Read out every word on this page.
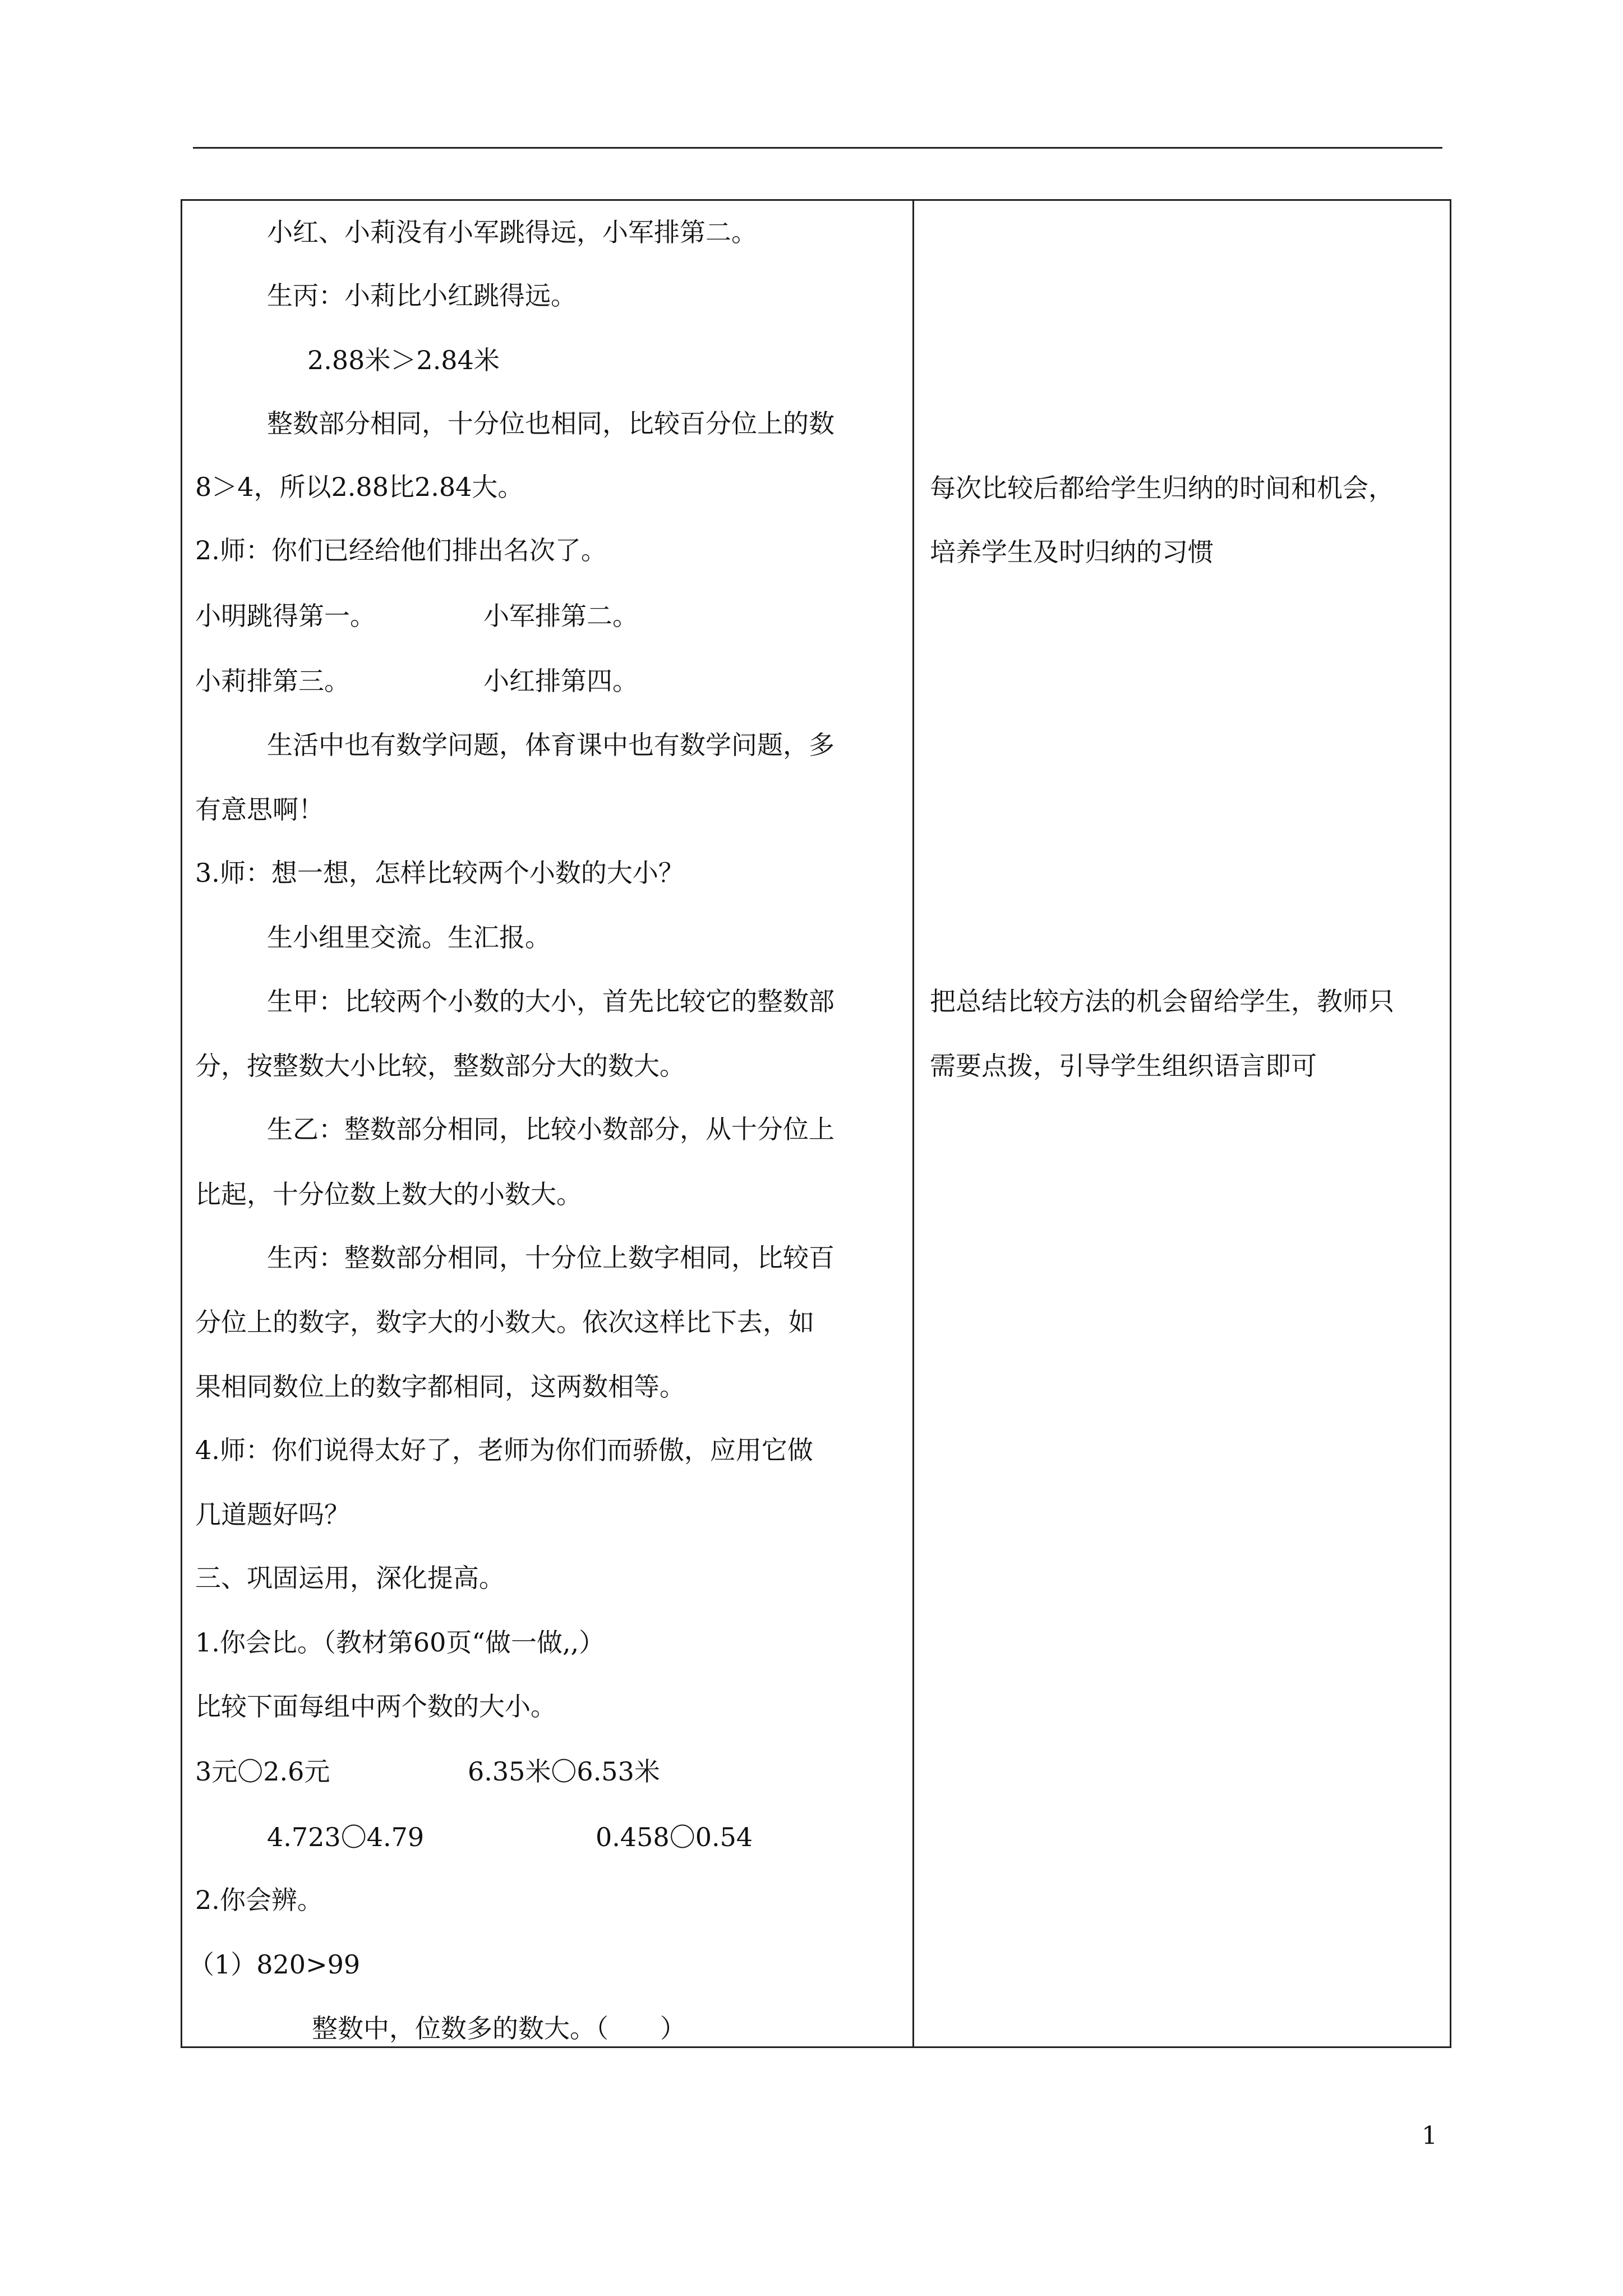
小红、小莉没有小军跳得远，小军排第二。
生丙：小莉比小红跳得远。
2.88米＞2.84米
整数部分相同，十分位也相同，比较百分位上的数
8＞4，所以2.88比2.84大。
2.师：你们已经给他们排出名次了。
小明跳得第一。	小军排第二。
小莉排第三。	小红排第四。
生活中也有数学问题，体育课中也有数学问题，多
有意思啊！
3.师：想一想，怎样比较两个小数的大小？
生小组里交流。生汇报。
生甲：比较两个小数的大小，首先比较它的整数部
分，按整数大小比较，整数部分大的数大。
生乙：整数部分相同，比较小数部分，从十分位上
比起，十分位数上数大的小数大。
生丙：整数部分相同，十分位上数字相同，比较百
分位上的数字，数字大的小数大。依次这样比下去，如
果相同数位上的数字都相同，这两数相等。
4.师：你们说得太好了，老师为你们而骄傲，应用它做
几道题好吗？
三、巩固运用，深化提高。
1.你会比。（教材第60页“做一做,,）
比较下面每组中两个数的大小。
3元〇2.6元	6.35米〇6.53米
4.723〇4.79	0.458〇0.54
2.你会辨。
（1）820>99
整数中，位数多的数大。（　　）
每次比较后都给学生归纳的时间和机会，
培养学生及时归纳的习惯
把总结比较方法的机会留给学生，教师只
需要点拨，引导学生组织语言即可
1
